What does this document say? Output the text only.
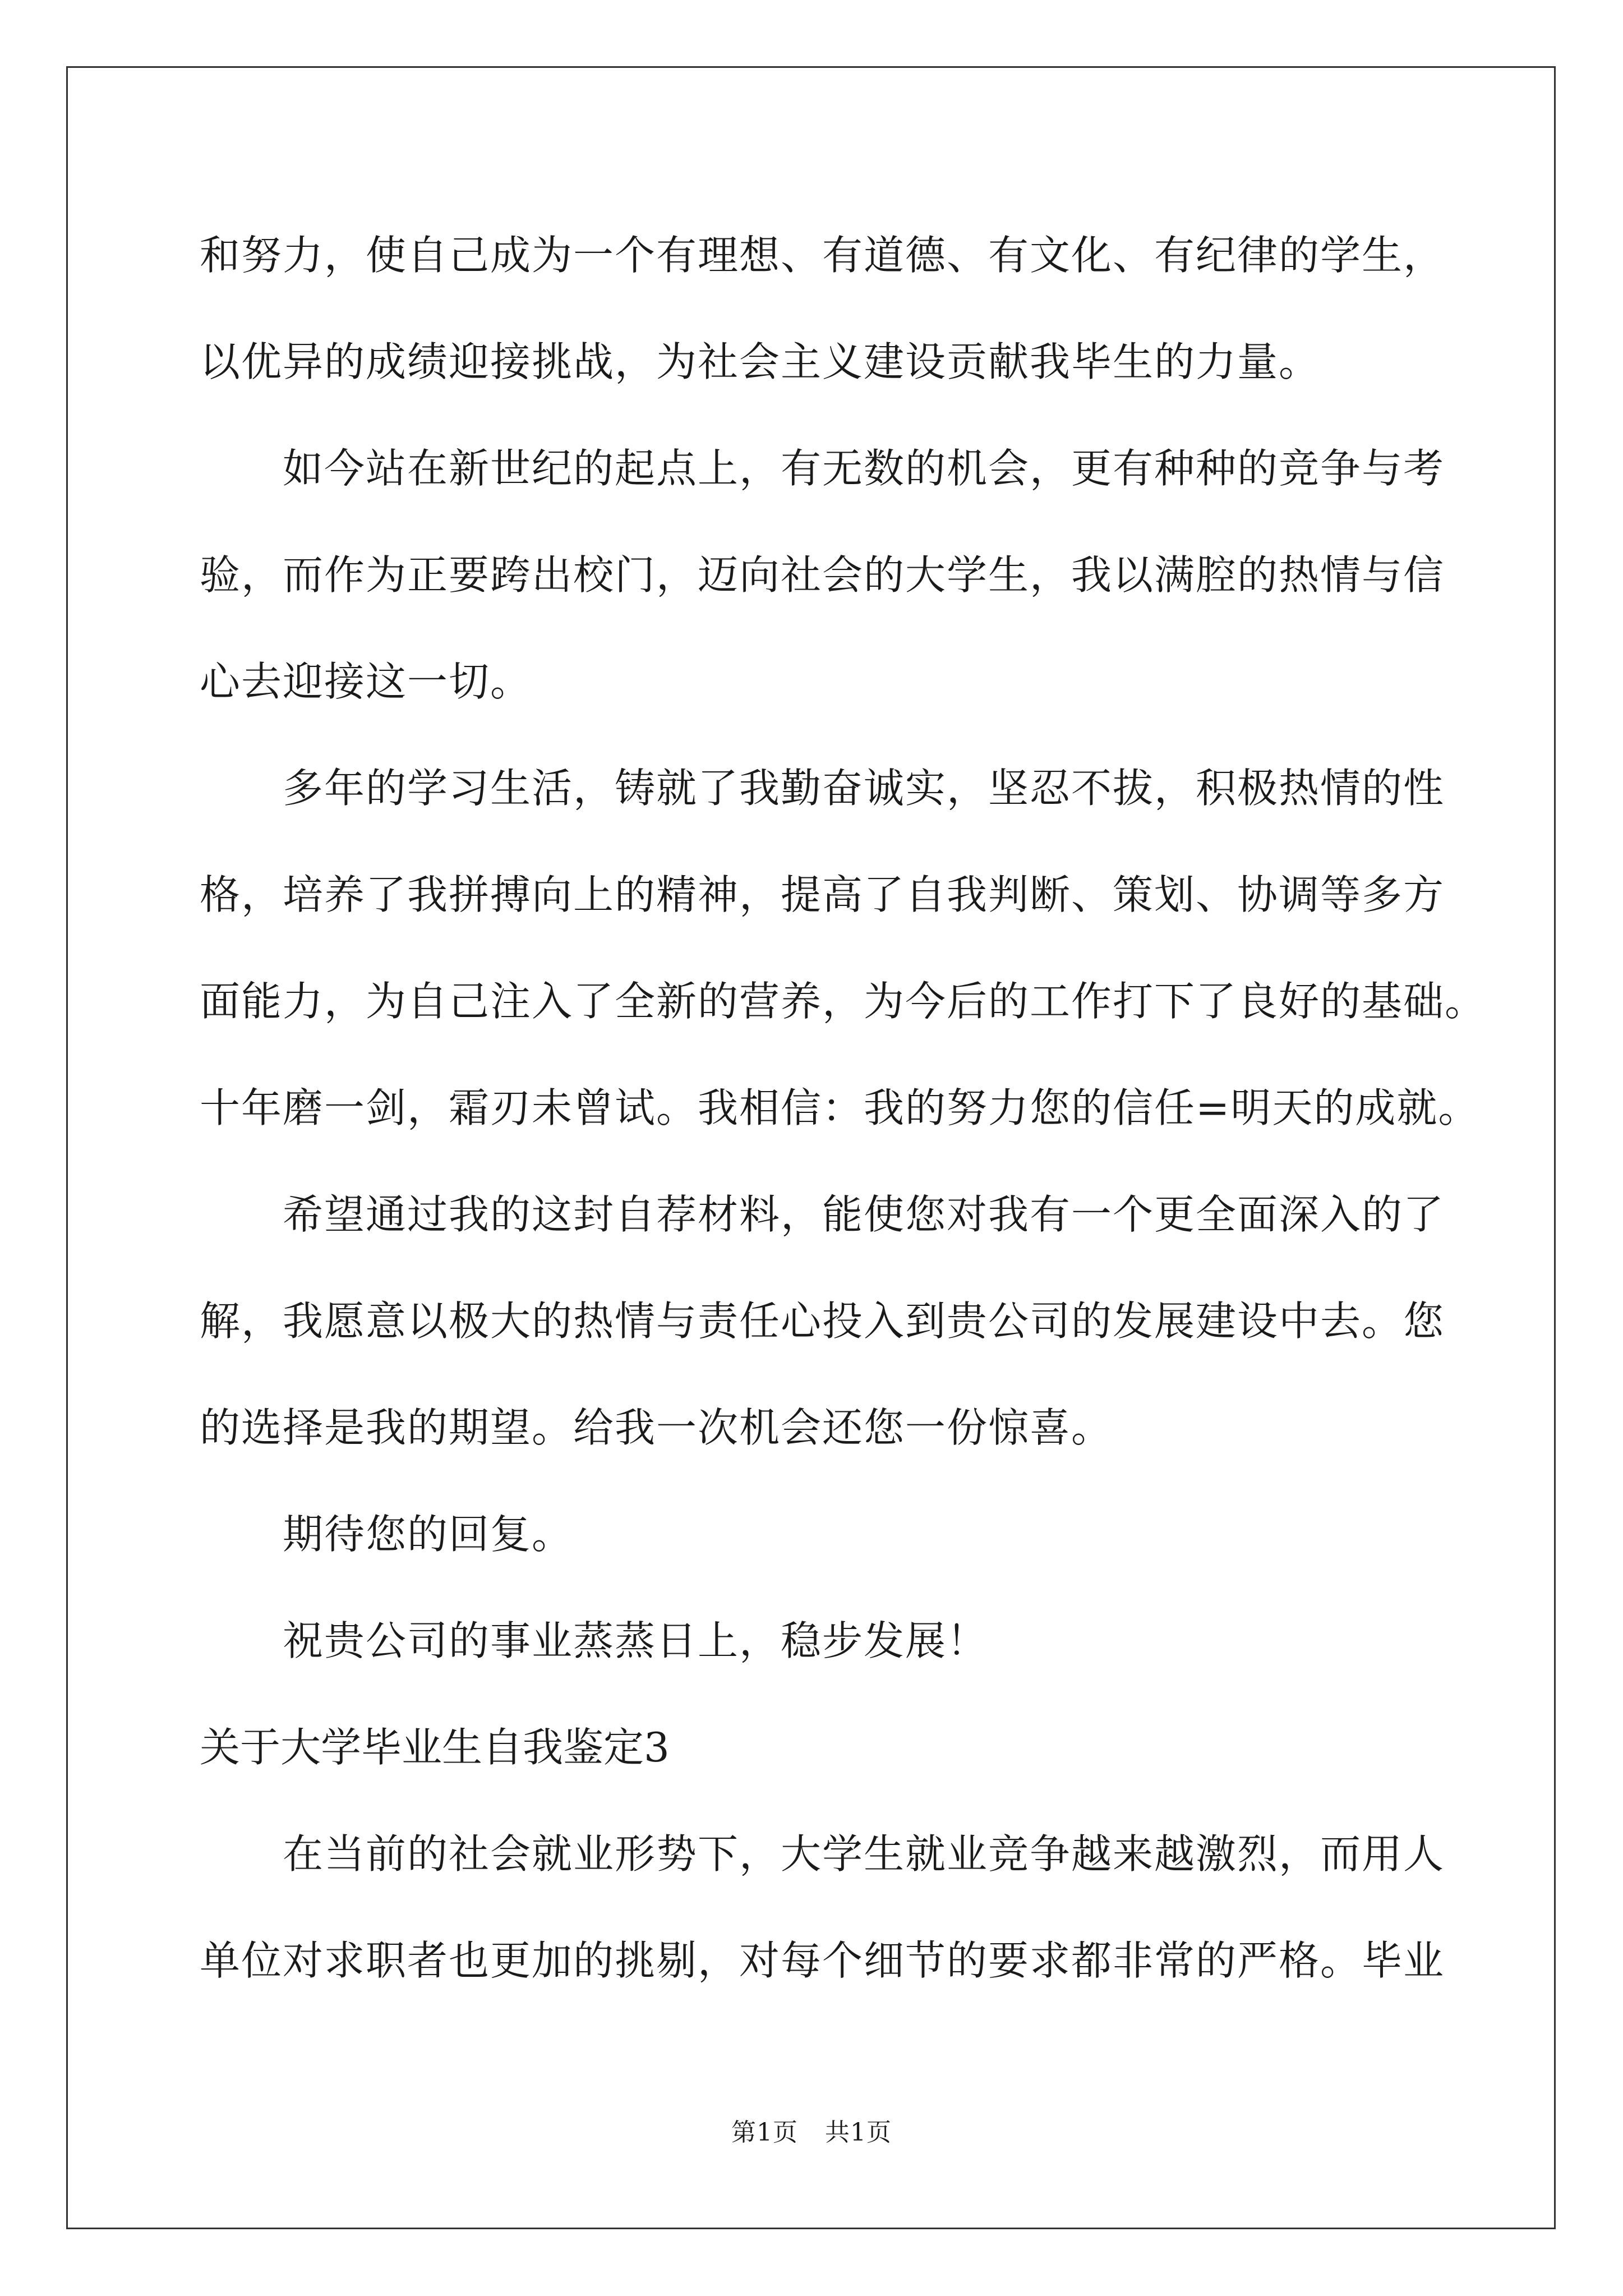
和努力，使自己成为一个有理想、有道德、有文化、有纪律的学生，
以优异的成绩迎接挑战，为社会主义建设贡献我毕生的力量。
如今站在新世纪的起点上，有无数的机会，更有种种的竞争与考
验，而作为正要跨出校门，迈向社会的大学生，我以满腔的热情与信
心去迎接这一切。
多年的学习生活，铸就了我勤奋诚实，坚忍不拔，积极热情的性
格，培养了我拼搏向上的精神，提高了自我判断、策划、协调等多方
面能力，为自己注入了全新的营养，为今后的工作打下了良好的基础。
十年磨一剑，霜刃未曾试。我相信：我的努力您的信任=明天的成就。
希望通过我的这封自荐材料，能使您对我有一个更全面深入的了
解，我愿意以极大的热情与责任心投入到贵公司的发展建设中去。您
的选择是我的期望。给我一次机会还您一份惊喜。
期待您的回复。
祝贵公司的事业蒸蒸日上，稳步发展！
关于大学毕业生自我鉴定3
在当前的社会就业形势下，大学生就业竞争越来越激烈，而用人
单位对求职者也更加的挑剔，对每个细节的要求都非常的严格。毕业
第1页 共1页
